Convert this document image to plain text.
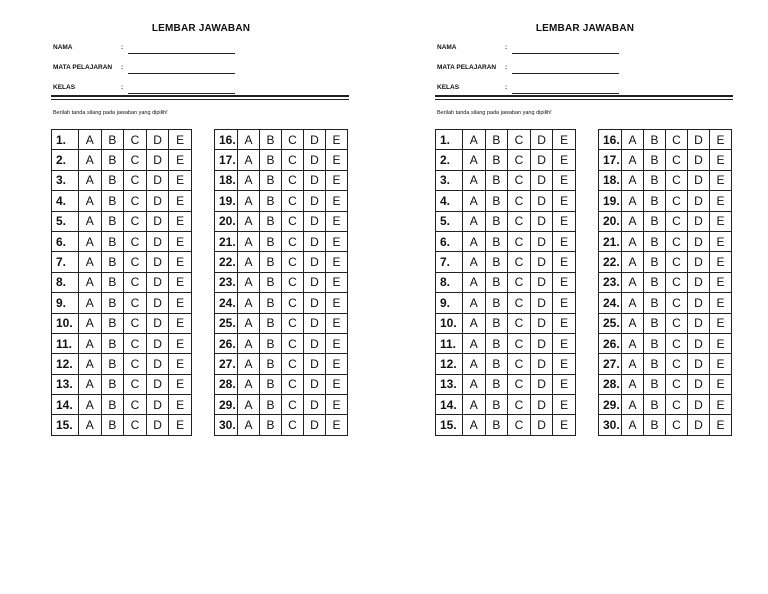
LEMBAR JAWABAN
NAMA	:
MATA PELAJARAN :
KELAS	:
Berilah tanda silang pada jawaban yang dipilih!
1.	A	B	C	D	E
2.	A	B	C	D	E
3.	A	B	C	D	E
4.	A	B	C	D	E
5.	A	B	C	D	E
6.	A	B	C	D	E
7.	A	B	C	D	E
8.	A	B	C	D	E
9.	A	B	C	D	E
10.	A	B	C	D	E
11.	A	B	C	D	E
12.	A	B	C	D	E
13.	A	B	C	D	E
14.	A	B	C	D	E
15.	A	B	C	D	E
16.	A	B	C	D	E
17.	A	B	C	D	E
18.	A	B	C	D	E
19.	A	B	C	D	E
20.	A	B	C	D	E
21.	A	B	C	D	E
22.	A	B	C	D	E
23.	A	B	C	D	E
24.	A	B	C	D	E
25.	A	B	C	D	E
26.	A	B	C	D	E
27.	A	B	C	D	E
28.	A	B	C	D	E
29.	A	B	C	D	E
30.	A	B	C	D	E
LEMBAR JAWABAN
NAMA	:
MATA PELAJARAN :
KELAS	:
Berilah tanda silang pada jawaban yang dipilih!
1.	A	B	C	D	E
2.	A	B	C	D	E
3.	A	B	C	D	E
4.	A	B	C	D	E
5.	A	B	C	D	E
6.	A	B	C	D	E
7.	A	B	C	D	E
8.	A	B	C	D	E
9.	A	B	C	D	E
10.	A	B	C	D	E
11.	A	B	C	D	E
12.	A	B	C	D	E
13.	A	B	C	D	E
14.	A	B	C	D	E
15.	A	B	C	D	E
16.	A	B	C	D	E
17.	A	B	C	D	E
18.	A	B	C	D	E
19.	A	B	C	D	E
20.	A	B	C	D	E
21.	A	B	C	D	E
22.	A	B	C	D	E
23.	A	B	C	D	E
24.	A	B	C	D	E
25.	A	B	C	D	E
26.	A	B	C	D	E
27.	A	B	C	D	E
28.	A	B	C	D	E
29.	A	B	C	D	E
30.	A	B	C	D	E
